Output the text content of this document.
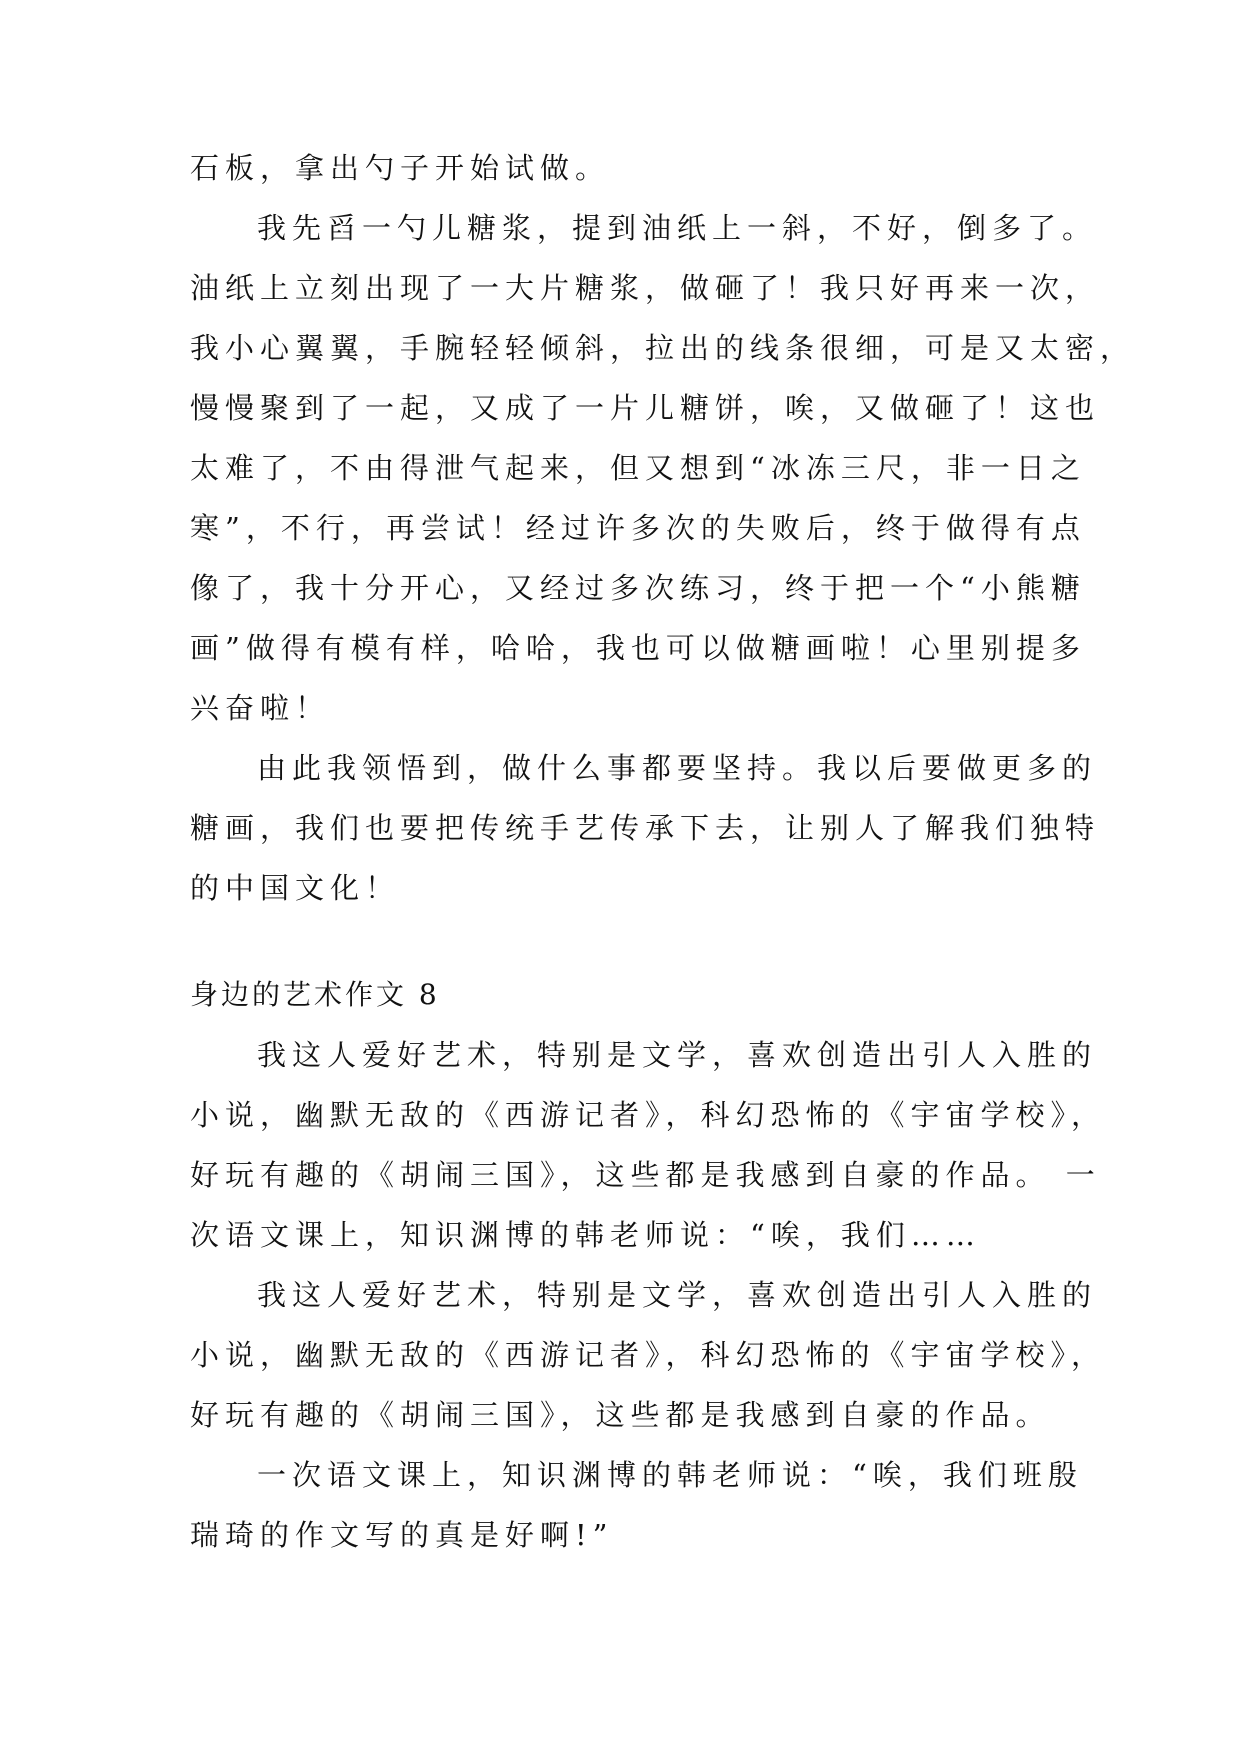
石板，拿出勺子开始试做。
我先舀一勺儿糖浆，提到油纸上一斜，不好，倒多了。
油纸上立刻出现了一大片糖浆，做砸了！我只好再来一次，
我小心翼翼，手腕轻轻倾斜，拉出的线条很细，可是又太密，
慢慢聚到了一起，又成了一片儿糖饼，唉，又做砸了！这也
太难了，不由得泄气起来，但又想到“冰冻三尺，非一日之
寒”，不行，再尝试！经过许多次的失败后，终于做得有点
像了，我十分开心，又经过多次练习，终于把一个“小熊糖
画”做得有模有样，哈哈，我也可以做糖画啦！心里别提多
兴奋啦！
由此我领悟到，做什么事都要坚持。我以后要做更多的
糖画，我们也要把传统手艺传承下去，让别人了解我们独特
的中国文化！
身边的艺术作文 8
我这人爱好艺术，特别是文学，喜欢创造出引人入胜的
小说，幽默无敌的《西游记者》，科幻恐怖的《宇宙学校》，
好玩有趣的《胡闹三国》，这些都是我感到自豪的作品。 一
次语文课上，知识渊博的韩老师说：“唉，我们……
我这人爱好艺术，特别是文学，喜欢创造出引人入胜的
小说，幽默无敌的《西游记者》，科幻恐怖的《宇宙学校》，
好玩有趣的《胡闹三国》，这些都是我感到自豪的作品。
一次语文课上，知识渊博的韩老师说：“唉，我们班殷
瑞琦的作文写的真是好啊!”
